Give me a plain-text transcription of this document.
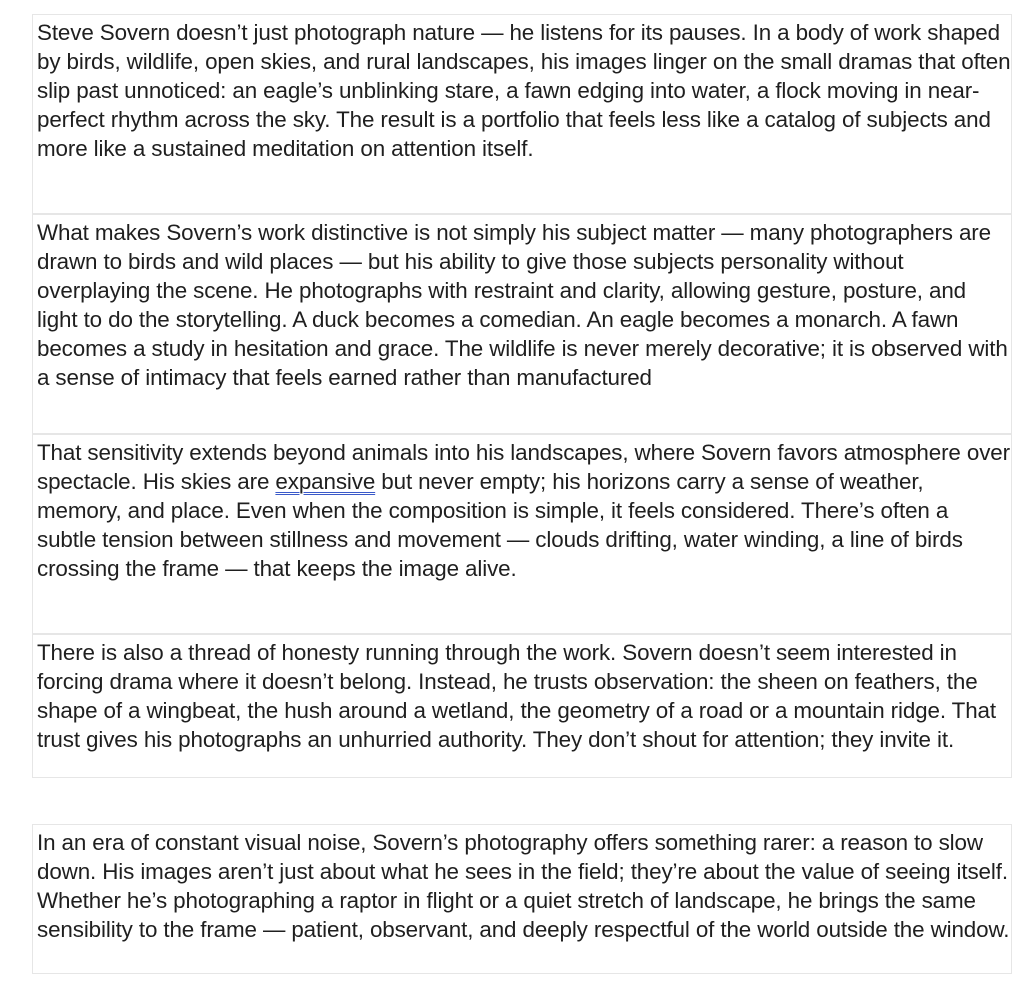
Steve Sovern doesn’t just photograph nature — he listens for its pauses. In a body of work shaped by birds, wildlife, open skies, and rural landscapes, his images linger on the small dramas that often slip past unnoticed: an eagle’s unblinking stare, a fawn edging into water, a flock moving in near-perfect rhythm across the sky. The result is a portfolio that feels less like a catalog of subjects and more like a sustained meditation on attention itself.

What makes Sovern’s work distinctive is not simply his subject matter — many photographers are drawn to birds and wild places — but his ability to give those subjects personality without overplaying the scene. He photographs with restraint and clarity, allowing gesture, posture, and light to do the storytelling. A duck becomes a comedian. An eagle becomes a monarch. A fawn becomes a study in hesitation and grace. The wildlife is never merely decorative; it is observed with a sense of intimacy that feels earned rather than manufactured

That sensitivity extends beyond animals into his landscapes, where Sovern favors atmosphere over spectacle. His skies are expansive but never empty; his horizons carry a sense of weather, memory, and place. Even when the composition is simple, it feels considered. There’s often a subtle tension between stillness and movement — clouds drifting, water winding, a line of birds crossing the frame — that keeps the image alive.

There is also a thread of honesty running through the work. Sovern doesn’t seem interested in forcing drama where it doesn’t belong. Instead, he trusts observation: the sheen on feathers, the shape of a wingbeat, the hush around a wetland, the geometry of a road or a mountain ridge. That trust gives his photographs an unhurried authority. They don’t shout for attention; they invite it.

In an era of constant visual noise, Sovern’s photography offers something rarer: a reason to slow down. His images aren’t just about what he sees in the field; they’re about the value of seeing itself. Whether he’s photographing a raptor in flight or a quiet stretch of landscape, he brings the same sensibility to the frame — patient, observant, and deeply respectful of the world outside the window.
